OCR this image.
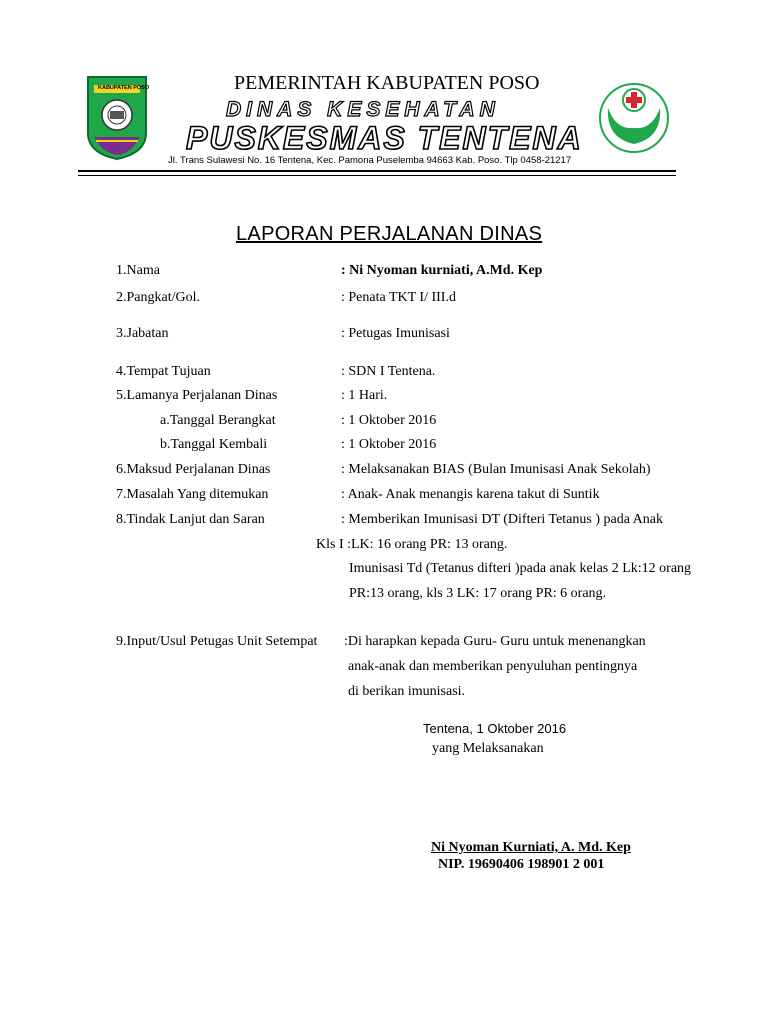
KABUPATEN POSO	PEMERINTAH KABUPATEN POSO
DINAS KESEHATAN
PUSKESMAS TENTENA
Jl. Trans Sulawesi No. 16 Tentena, Kec. Pamona Puselemba 94663 Kab. Poso. Tlp 0458-21217
LAPORAN PERJALANAN DINAS
1.Nama	: Ni Nyoman kurniati, A.Md. Kep
2.Pangkat/Gol.	: Penata TKT I/ III.d
3.Jabatan	: Petugas Imunisasi
4.Tempat Tujuan	: SDN I Tentena.
5.Lamanya Perjalanan Dinas	: 1 Hari.
a.Tanggal Berangkat	: 1 Oktober 2016
b.Tanggal Kembali	: 1 Oktober 2016
6.Maksud Perjalanan Dinas	: Melaksanakan BIAS (Bulan Imunisasi Anak Sekolah)
7.Masalah Yang ditemukan	: Anak- Anak menangis karena takut di Suntik
8.Tindak Lanjut dan Saran	: Memberikan Imunisasi DT (Difteri Tetanus ) pada Anak
Kls I :LK: 16 orang PR: 13 orang.
Imunisasi Td (Tetanus difteri )pada anak kelas 2 Lk:12 orang
PR:13 orang, kls 3 LK: 17 orang PR: 6 orang.
9.Input/Usul Petugas Unit Setempat :Di harapkan kepada Guru- Guru untuk menenangkan
anak-anak dan memberikan penyuluhan pentingnya
di berikan imunisasi.
Tentena, 1 Oktober 2016
yang Melaksanakan
Ni Nyoman Kurniati, A. Md. Kep
NIP. 19690406 198901 2 001
